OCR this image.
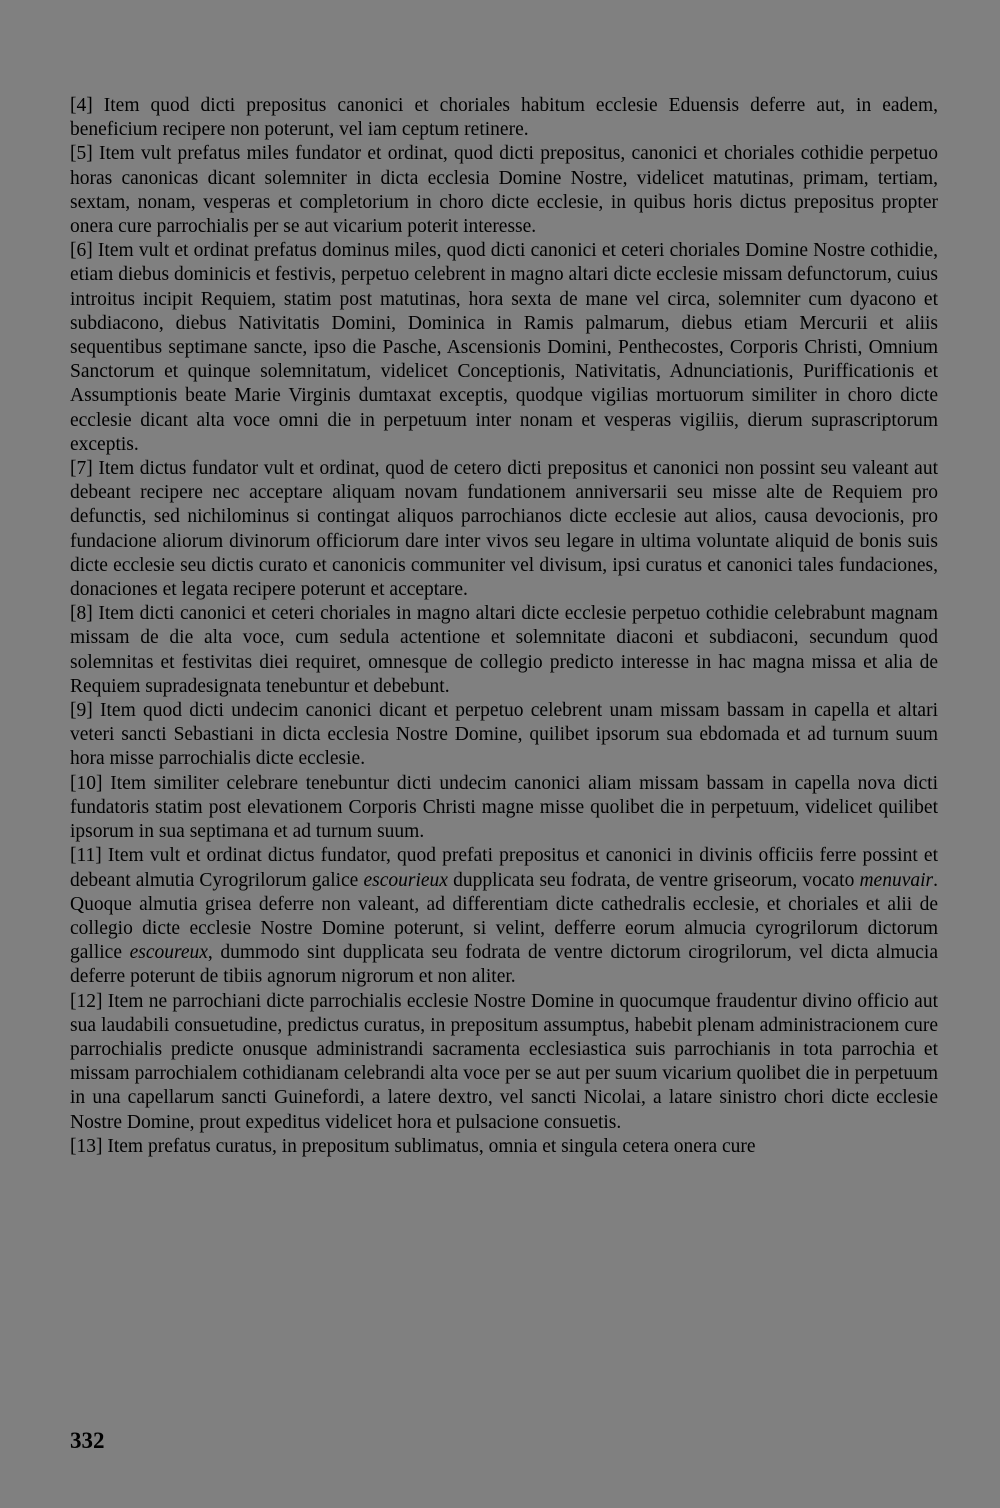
[4] Item quod dicti prepositus canonici et choriales habitum ecclesie Eduensis deferre aut, in eadem, beneficium recipere non poterunt, vel iam ceptum retinere.

[5] Item vult prefatus miles fundator et ordinat, quod dicti prepositus, canonici et choriales cothidie perpetuo horas canonicas dicant solemniter in dicta ecclesia Domine Nostre, videlicet matutinas, primam, tertiam, sextam, nonam, vesperas et completorium in choro dicte ecclesie, in quibus horis dictus prepositus propter onera cure parrochialis per se aut vicarium poterit interesse.

[6] Item vult et ordinat prefatus dominus miles, quod dicti canonici et ceteri choriales Domine Nostre cothidie, etiam diebus dominicis et festivis, perpetuo celebrent in magno altari dicte ecclesie missam defunctorum, cuius introitus incipit Requiem, statim post matutinas, hora sexta de mane vel circa, solemniter cum dyacono et subdiacono, diebus Nativitatis Domini, Dominica in Ramis palmarum, diebus etiam Mercurii et aliis sequentibus septimane sancte, ipso die Pasche, Ascensionis Domini, Penthecostes, Corporis Christi, Omnium Sanctorum et quinque solemnitatum, videlicet Conceptionis, Nativitatis, Adnunciationis, Purifficationis et Assumptionis beate Marie Virginis dumtaxat exceptis, quodque vigilias mortuorum similiter in choro dicte ecclesie dicant alta voce omni die in perpetuum inter nonam et vesperas vigiliis, dierum suprascriptorum exceptis.

[7] Item dictus fundator vult et ordinat, quod de cetero dicti prepositus et canonici non possint seu valeant aut debeant recipere nec acceptare aliquam novam fundationem anniversarii seu misse alte de Requiem pro defunctis, sed nichilominus si contingat aliquos parrochianos dicte ecclesie aut alios, causa devocionis, pro fundacione aliorum divinorum officiorum dare inter vivos seu legare in ultima voluntate aliquid de bonis suis dicte ecclesie seu dictis curato et canonicis communiter vel divisum, ipsi curatus et canonici tales fundaciones, donaciones et legata recipere poterunt et acceptare.

[8] Item dicti canonici et ceteri choriales in magno altari dicte ecclesie perpetuo cothidie celebrabunt magnam missam de die alta voce, cum sedula actentione et solemnitate diaconi et subdiaconi, secundum quod solemnitas et festivitas diei requiret, omnesque de collegio predicto interesse in hac magna missa et alia de Requiem supradesignata tenebuntur et debebunt.

[9] Item quod dicti undecim canonici dicant et perpetuo celebrent unam missam bassam in capella et altari veteri sancti Sebastiani in dicta ecclesia Nostre Domine, quilibet ipsorum sua ebdomada et ad turnum suum hora misse parrochialis dicte ecclesie.

[10] Item similiter celebrare tenebuntur dicti undecim canonici aliam missam bassam in capella nova dicti fundatoris statim post elevationem Corporis Christi magne misse quolibet die in perpetuum, videlicet quilibet ipsorum in sua septimana et ad turnum suum.

[11] Item vult et ordinat dictus fundator, quod prefati prepositus et canonici in divinis officiis ferre possint et debeant almutia Cyrogrilorum galice escourieux dupplicata seu fodrata, de ventre griseorum, vocato menuvair. Quoque almutia grisea deferre non valeant, ad differentiam dicte cathedralis ecclesie, et choriales et alii de collegio dicte ecclesie Nostre Domine poterunt, si velint, defferre eorum almucia cyrogrilorum dictorum gallice escoureux, dummodo sint dupplicata seu fodrata de ventre dictorum cirogrilorum, vel dicta almucia deferre poterunt de tibiis agnorum nigrorum et non aliter.

[12] Item ne parrochiani dicte parrochialis ecclesie Nostre Domine in quocumque fraudentur divino officio aut sua laudabili consuetudine, predictus curatus, in prepositum assumptus, habebit plenam administracionem cure parrochialis predicte onusque administrandi sacramenta ecclesiastica suis parrochianis in tota parrochia et missam parrochialem cothidianam celebrandi alta voce per se aut per suum vicarium quolibet die in perpetuum in una capellarum sancti Guinefordi, a latere dextro, vel sancti Nicolai, a latare sinistro chori dicte ecclesie Nostre Domine, prout expeditus videlicet hora et pulsacione consuetis.

[13] Item prefatus curatus, in prepositum sublimatus, omnia et singula cetera onera cure

332
